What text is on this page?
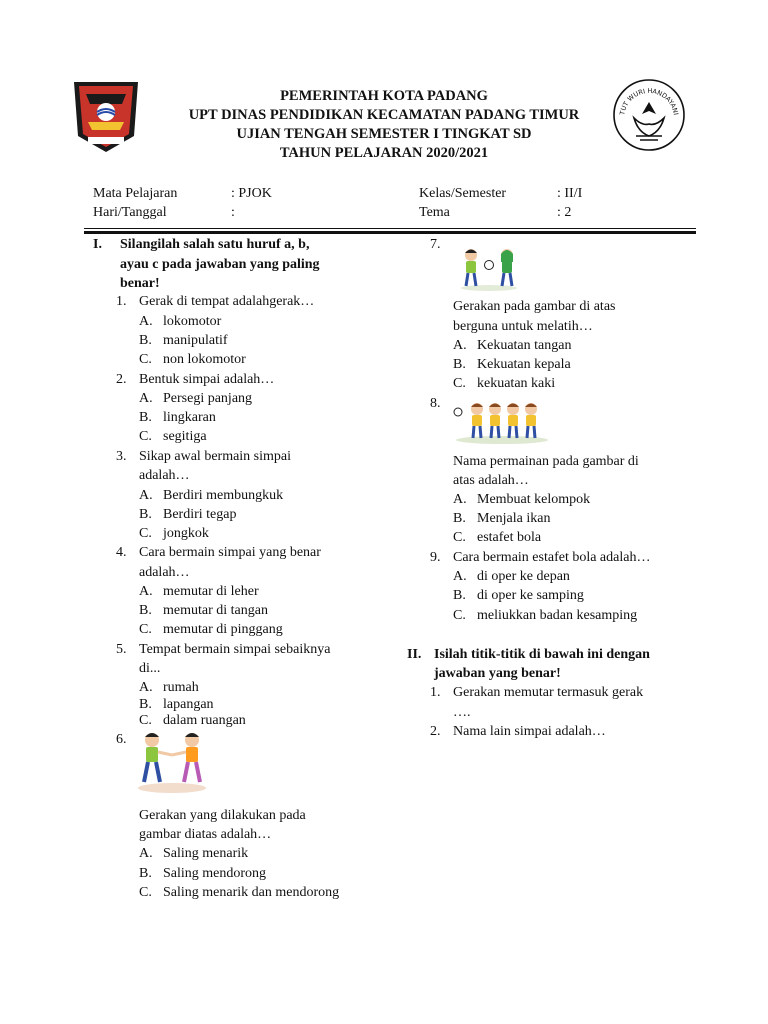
PEMERINTAH KOTA PADANG
UPT DINAS PENDIDIKAN KECAMATAN PADANG TIMUR
UJIAN TENGAH SEMESTER I TINGKAT SD
TAHUN PELAJARAN 2020/2021
TUT WURI HANDAYANI
Mata Pelajaran	: PJOK
Hari/Tanggal	:
Kelas/Semester	: II/I
Tema	: 2
I. Silangilah salah satu huruf a, b,
ayau c pada jawaban yang paling
benar!
1. Gerak di tempat adalahgerak…
A. lokomotor
B. manipulatif
C. non lokomotor
2. Bentuk simpai adalah…
A. Persegi panjang
B. lingkaran
C. segitiga
3. Sikap awal bermain simpai
adalah…
A. Berdiri membungkuk
B. Berdiri tegap
C. jongkok
4. Cara bermain simpai yang benar
adalah…
A. memutar di leher
B. memutar di tangan
C. memutar di pinggang
5. Tempat bermain simpai sebaiknya
di...
A. rumah
B. lapangan
C. dalam ruangan
6.
Gerakan yang dilakukan pada
gambar diatas adalah…
A. Saling menarik
B. Saling mendorong
C. Saling menarik dan mendorong
7.
Gerakan pada gambar di atas
berguna untuk melatih…
A. Kekuatan tangan
B. Kekuatan kepala
C. kekuatan kaki
8.
Nama permainan pada gambar di
atas adalah…
A. Membuat kelompok
B. Menjala ikan
C. estafet bola
9. Cara bermain estafet bola adalah…
A. di oper ke depan
B. di oper ke samping
C. meliukkan badan kesamping
II. Isilah titik-titik di bawah ini dengan
jawaban yang benar!
1. Gerakan memutar termasuk gerak
….
2. Nama lain simpai adalah…
